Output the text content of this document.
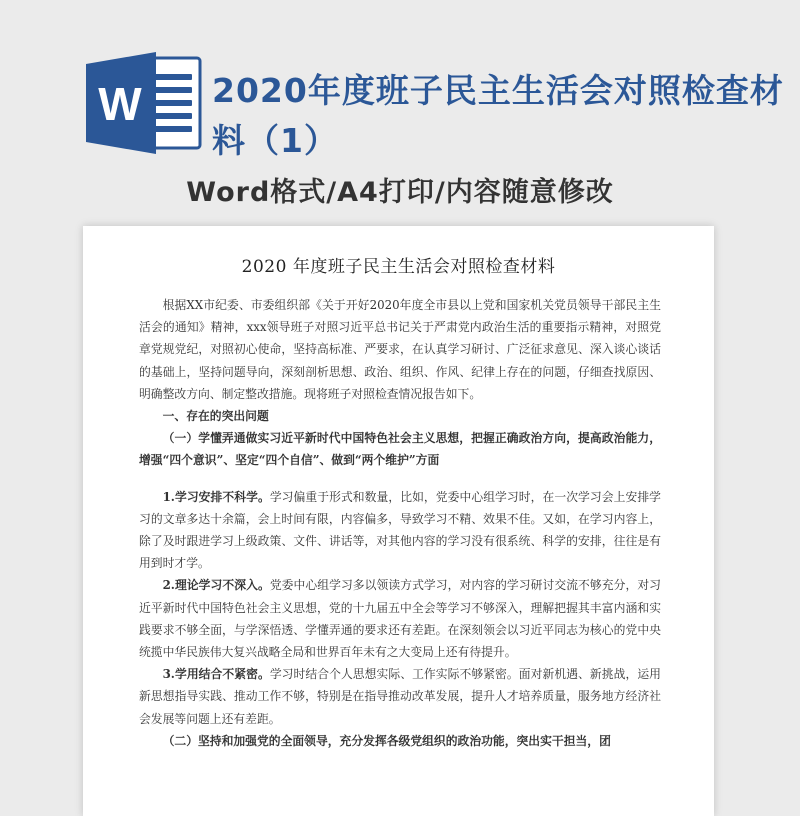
W 2020年度班子民主生活会对照检查材料（1）
Word格式/A4打印/内容随意修改
2020 年度班子民主生活会对照检查材料

根据XX市纪委、市委组织部《关于开好2020年度全市县以上党和国家机关党员领导干部民主生活会的通知》精神，xxx领导班子对照习近平总书记关于严肃党内政治生活的重要指示精神，对照党章党规党纪，对照初心使命，坚持高标准、严要求，在认真学习研讨、广泛征求意见、深入谈心谈话的基础上，坚持问题导向，深刻剖析思想、政治、组织、作风、纪律上存在的问题，仔细查找原因、明确整改方向、制定整改措施。现将班子对照检查情况报告如下。

一、存在的突出问题

（一）学懂弄通做实习近平新时代中国特色社会主义思想，把握正确政治方向，提高政治能力，增强“四个意识”、坚定“四个自信”、做到“两个维护”方面

1.学习安排不科学。学习偏重于形式和数量，比如，党委中心组学习时，在一次学习会上安排学习的文章多达十余篇，会上时间有限，内容偏多，导致学习不精、效果不佳。又如，在学习内容上，除了及时跟进学习上级政策、文件、讲话等，对其他内容的学习没有很系统、科学的安排，往往是有用到时才学。

2.理论学习不深入。党委中心组学习多以领读方式学习，对内容的学习研讨交流不够充分，对习近平新时代中国特色社会主义思想，党的十九届五中全会等学习不够深入，理解把握其丰富内涵和实践要求不够全面，与学深悟透、学懂弄通的要求还有差距。在深刻领会以习近平同志为核心的党中央统揽中华民族伟大复兴战略全局和世界百年未有之大变局上还有待提升。

3.学用结合不紧密。学习时结合个人思想实际、工作实际不够紧密。面对新机遇、新挑战，运用新思想指导实践、推动工作不够，特别是在指导推动改革发展，提升人才培养质量，服务地方经济社会发展等问题上还有差距。

（二）坚持和加强党的全面领导，充分发挥各级党组织的政治功能，突出实干担当，团
